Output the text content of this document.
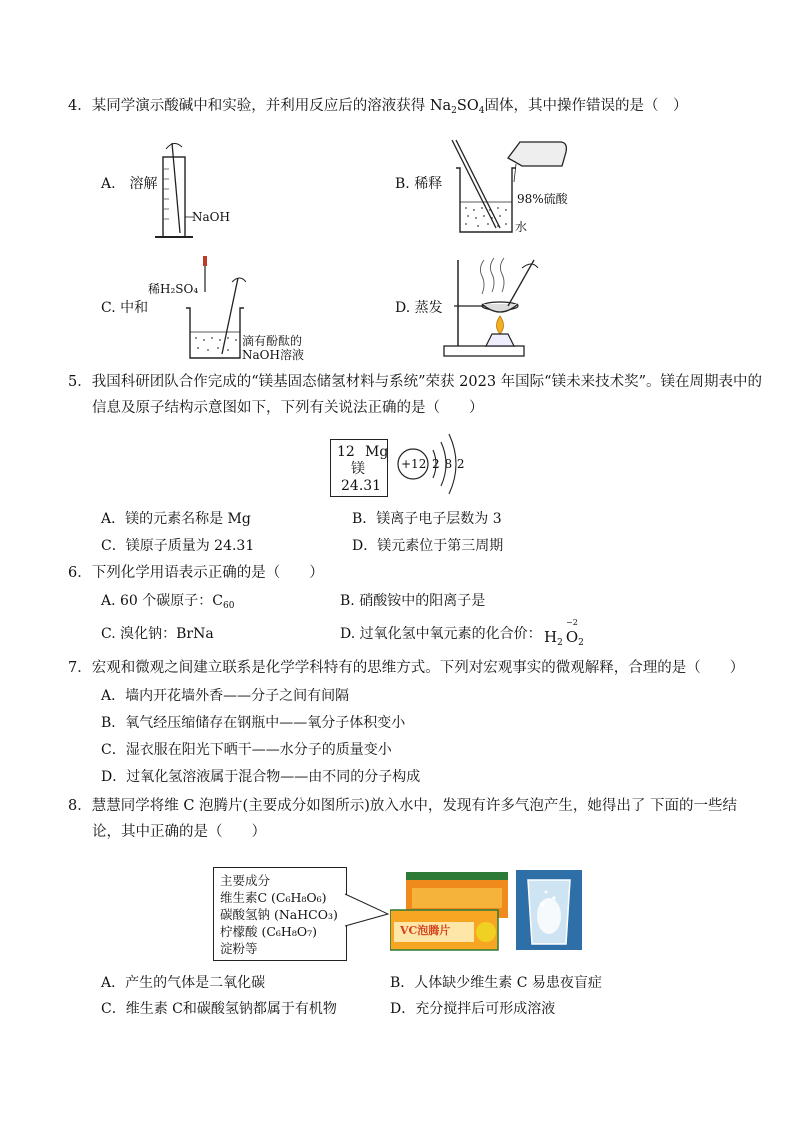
4．某同学演示酸碱中和实验，并利用反应后的溶液获得 $Na_2SO_4$固体，其中操作错误的是（　）
A.　溶解
NaOH
B. 稀释
98%硫酸
水
C. 中和
稀H₂SO₄
滴有酚酞的
NaOH溶液
D. 蒸发
5．我国科研团队合作完成的“镁基固态储氢材料与系统”荣获 2023 年国际“镁未来技术奖”。镁在周期表中的
信息及原子结构示意图如下，下列有关说法正确的是（　　）
12 Mg
镁
24.31
+12 2 8 2
A．镁的元素名称是 Mg	B．镁离子电子层数为 3
C．镁原子质量为 24.31	D．镁元素位于第三周期
6．下列化学用语表示正确的是（　　）
A. 60 个碳原子：$C_{60}$	B. 硝酸铵中的阳离子是
C. 溴化钠：BrNa	D. 过氧化氢中氧元素的化合价： $H_2$ $O_2$
−2
7．宏观和微观之间建立联系是化学学科特有的思维方式。下列对宏观事实的微观解释，合理的是（　　）
A．墙内开花墙外香——分子之间有间隔
B．氧气经压缩储存在钢瓶中——氧分子体积变小
C．湿衣服在阳光下晒干——水分子的质量变小
D．过氧化氢溶液属于混合物——由不同的分子构成
8．慧慧同学将维 C 泡腾片(主要成分如图所示)放入水中，发现有许多气泡产生，她得出了 下面的一些结
论，其中正确的是（　　）
主要成分
维生素C (C₆H₈O₆)
碳酸氢钠 (NaHCO₃)
柠檬酸 (C₆H₈O₇)
淀粉等
VC泡腾片
A．产生的气体是二氧化碳	B．人体缺少维生素 C 易患夜盲症
C．维生素 C和碳酸氢钠都属于有机物	D．充分搅拌后可形成溶液
